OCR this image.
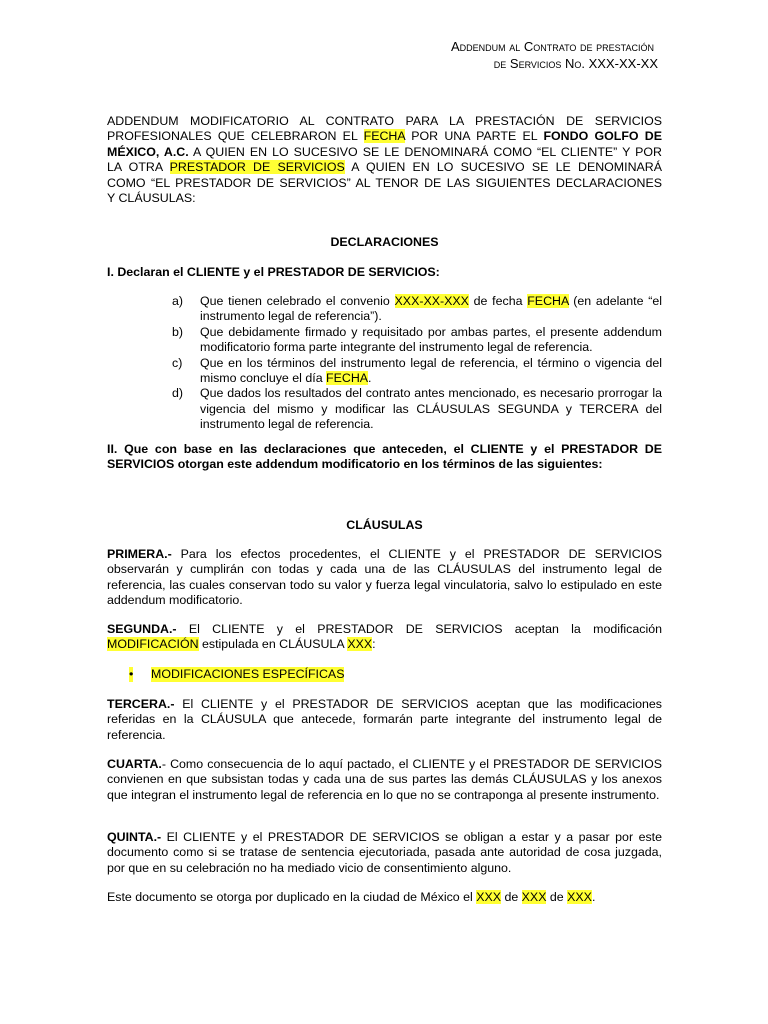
Addendum al Contrato de prestación
de Servicios No. XXX-XX-XX
ADDENDUM MODIFICATORIO AL CONTRATO PARA LA PRESTACIÓN DE SERVICIOS
PROFESIONALES QUE CELEBRARON EL FECHA POR UNA PARTE EL FONDO GOLFO DE
MÉXICO, A.C. A QUIEN EN LO SUCESIVO SE LE DENOMINARÁ COMO “EL CLIENTE” Y POR
LA OTRA PRESTADOR DE SERVICIOS A QUIEN EN LO SUCESIVO SE LE DENOMINARÁ
COMO “EL PRESTADOR DE SERVICIOS” AL TENOR DE LAS SIGUIENTES DECLARACIONES
Y CLÁUSULAS:
DECLARACIONES
I. Declaran el CLIENTE y el PRESTADOR DE SERVICIOS:
a) Que tienen celebrado el convenio XXX-XX-XXX de fecha FECHA (en adelante “el instrumento legal de referencia”).
b) Que debidamente firmado y requisitado por ambas partes, el presente addendum modificatorio forma parte integrante del instrumento legal de referencia.
c) Que en los términos del instrumento legal de referencia, el término o vigencia del mismo concluye el día FECHA.
d) Que dados los resultados del contrato antes mencionado, es necesario prorrogar la vigencia del mismo y modificar las CLÁUSULAS SEGUNDA y TERCERA del instrumento legal de referencia.
II. Que con base en las declaraciones que anteceden, el CLIENTE y el PRESTADOR DE SERVICIOS otorgan este addendum modificatorio en los términos de las siguientes:
CLÁUSULAS
PRIMERA.- Para los efectos procedentes, el CLIENTE y el PRESTADOR DE SERVICIOS observarán y cumplirán con todas y cada una de las CLÁUSULAS del instrumento legal de referencia, las cuales conservan todo su valor y fuerza legal vinculatoria, salvo lo estipulado en este addendum modificatorio.
SEGUNDA.- El CLIENTE y el PRESTADOR DE SERVICIOS aceptan la modificación MODIFICACIÓN estipulada en CLÁUSULA XXX:
• MODIFICACIONES ESPECÍFICAS
TERCERA.- El CLIENTE y el PRESTADOR DE SERVICIOS aceptan que las modificaciones referidas en la CLÁUSULA que antecede, formarán parte integrante del instrumento legal de referencia.
CUARTA.- Como consecuencia de lo aquí pactado, el CLIENTE y el PRESTADOR DE SERVICIOS convienen en que subsistan todas y cada una de sus partes las demás CLÁUSULAS y los anexos que integran el instrumento legal de referencia en lo que no se contraponga al presente instrumento.
QUINTA.- El CLIENTE y el PRESTADOR DE SERVICIOS se obligan a estar y a pasar por este documento como si se tratase de sentencia ejecutoriada, pasada ante autoridad de cosa juzgada, por que en su celebración no ha mediado vicio de consentimiento alguno.
Este documento se otorga por duplicado en la ciudad de México el XXX de XXX de XXX.
